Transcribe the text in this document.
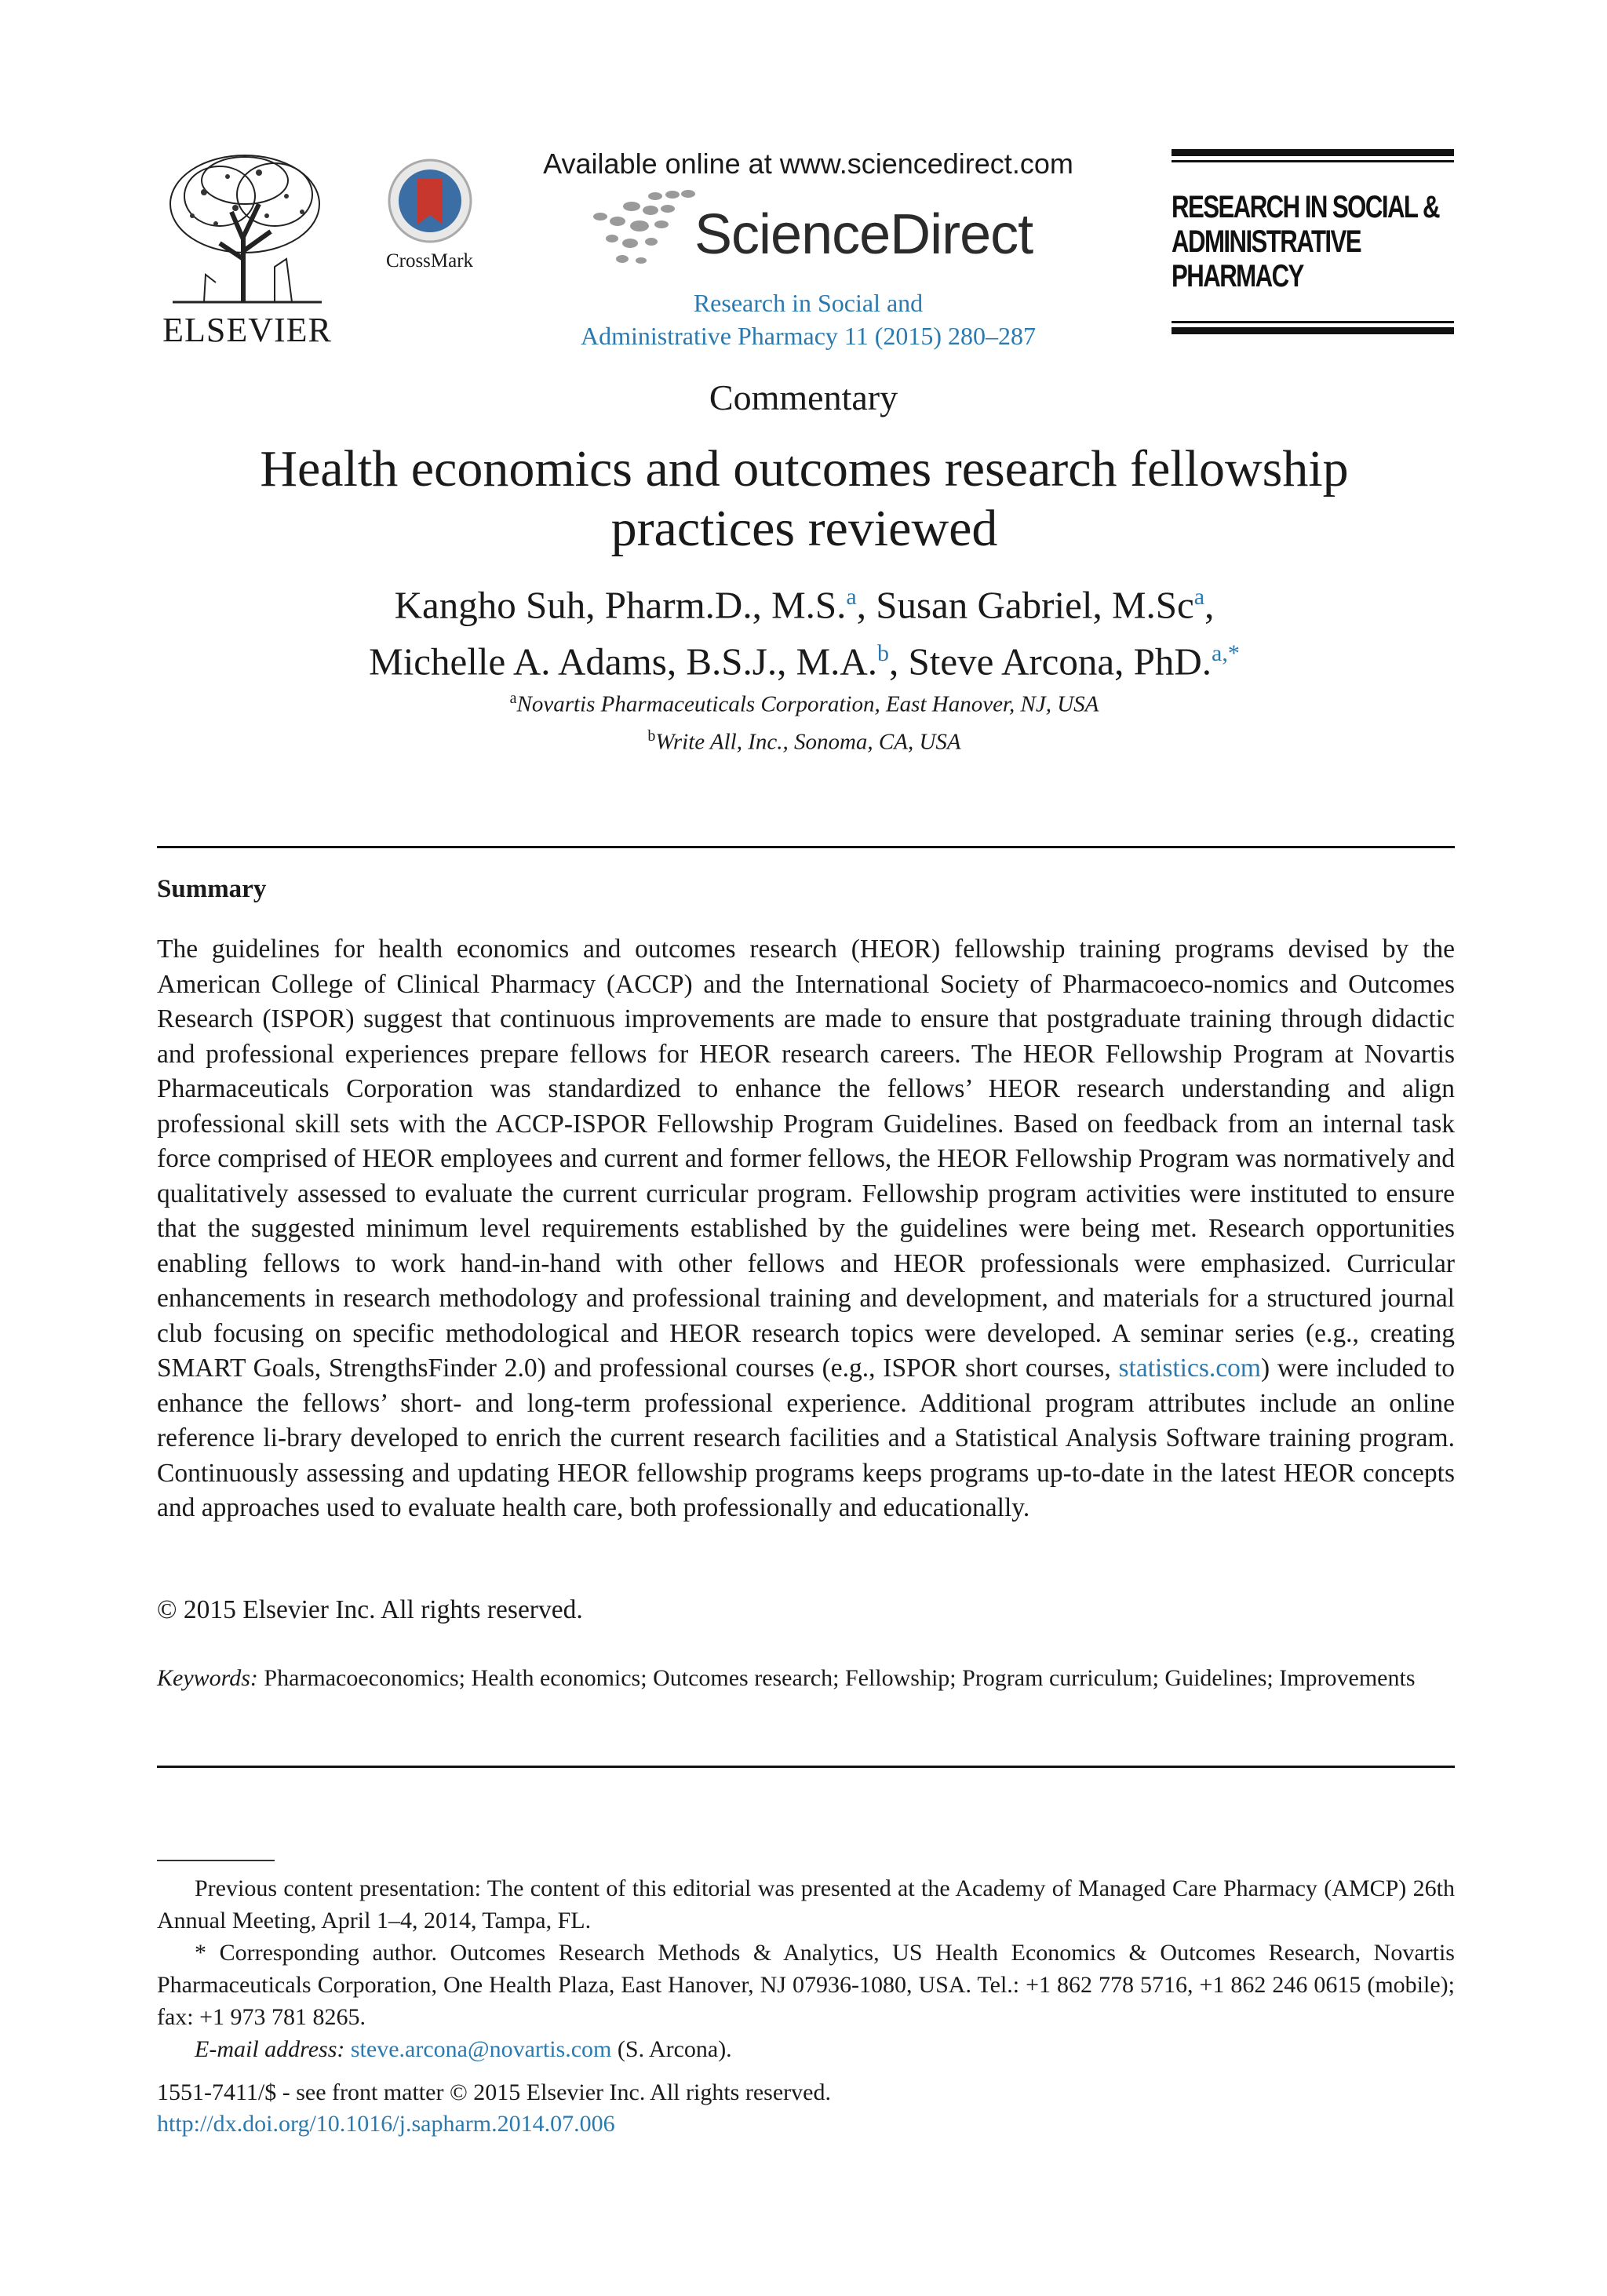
ELSEVIER
CrossMark
Available online at www.sciencedirect.com
ScienceDirect
Research in Social and
Administrative Pharmacy 11 (2015) 280–287
RESEARCH IN SOCIAL &
ADMINISTRATIVE PHARMACY
Commentary
Health economics and outcomes research fellowship
practices reviewed
Kangho Suh, Pharm.D., M.S.$^a$, Susan Gabriel, M.Sc$^a$,
Michelle A. Adams, B.S.J., M.A.$^b$, Steve Arcona, PhD.$^{a,*}$
$^a$Novartis Pharmaceuticals Corporation, East Hanover, NJ, USA
$^b$Write All, Inc., Sonoma, CA, USA
Summary
The guidelines for health economics and outcomes research (HEOR) fellowship training programs devised by the American College of Clinical Pharmacy (ACCP) and the International Society of Pharmacoeco-nomics and Outcomes Research (ISPOR) suggest that continuous improvements are made to ensure that postgraduate training through didactic and professional experiences prepare fellows for HEOR research careers. The HEOR Fellowship Program at Novartis Pharmaceuticals Corporation was standardized to enhance the fellows’ HEOR research understanding and align professional skill sets with the ACCP-ISPOR Fellowship Program Guidelines. Based on feedback from an internal task force comprised of HEOR employees and current and former fellows, the HEOR Fellowship Program was normatively and qualitatively assessed to evaluate the current curricular program. Fellowship program activities were instituted to ensure that the suggested minimum level requirements established by the guidelines were being met. Research opportunities enabling fellows to work hand-in-hand with other fellows and HEOR professionals were emphasized. Curricular enhancements in research methodology and professional training and development, and materials for a structured journal club focusing on specific methodological and HEOR research topics were developed. A seminar series (e.g., creating SMART Goals, StrengthsFinder 2.0) and professional courses (e.g., ISPOR short courses, statistics.com) were included to enhance the fellows’ short- and long-term professional experience. Additional program attributes include an online reference li-brary developed to enrich the current research facilities and a Statistical Analysis Software training program. Continuously assessing and updating HEOR fellowship programs keeps programs up-to-date in the latest HEOR concepts and approaches used to evaluate health care, both professionally and educationally.
© 2015 Elsevier Inc. All rights reserved.
Keywords: Pharmacoeconomics; Health economics; Outcomes research; Fellowship; Program curriculum; Guidelines; Improvements

Previous content presentation: The content of this editorial was presented at the Academy of Managed Care Pharmacy (AMCP) 26th Annual Meeting, April 1–4, 2014, Tampa, FL.

* Corresponding author. Outcomes Research Methods & Analytics, US Health Economics & Outcomes Research, Novartis Pharmaceuticals Corporation, One Health Plaza, East Hanover, NJ 07936-1080, USA. Tel.: +1 862 778 5716, +1 862 246 0615 (mobile); fax: +1 973 781 8265.

E-mail address: steve.arcona@novartis.com (S. Arcona).

1551-7411/$ - see front matter © 2015 Elsevier Inc. All rights reserved.
http://dx.doi.org/10.1016/j.sapharm.2014.07.006
